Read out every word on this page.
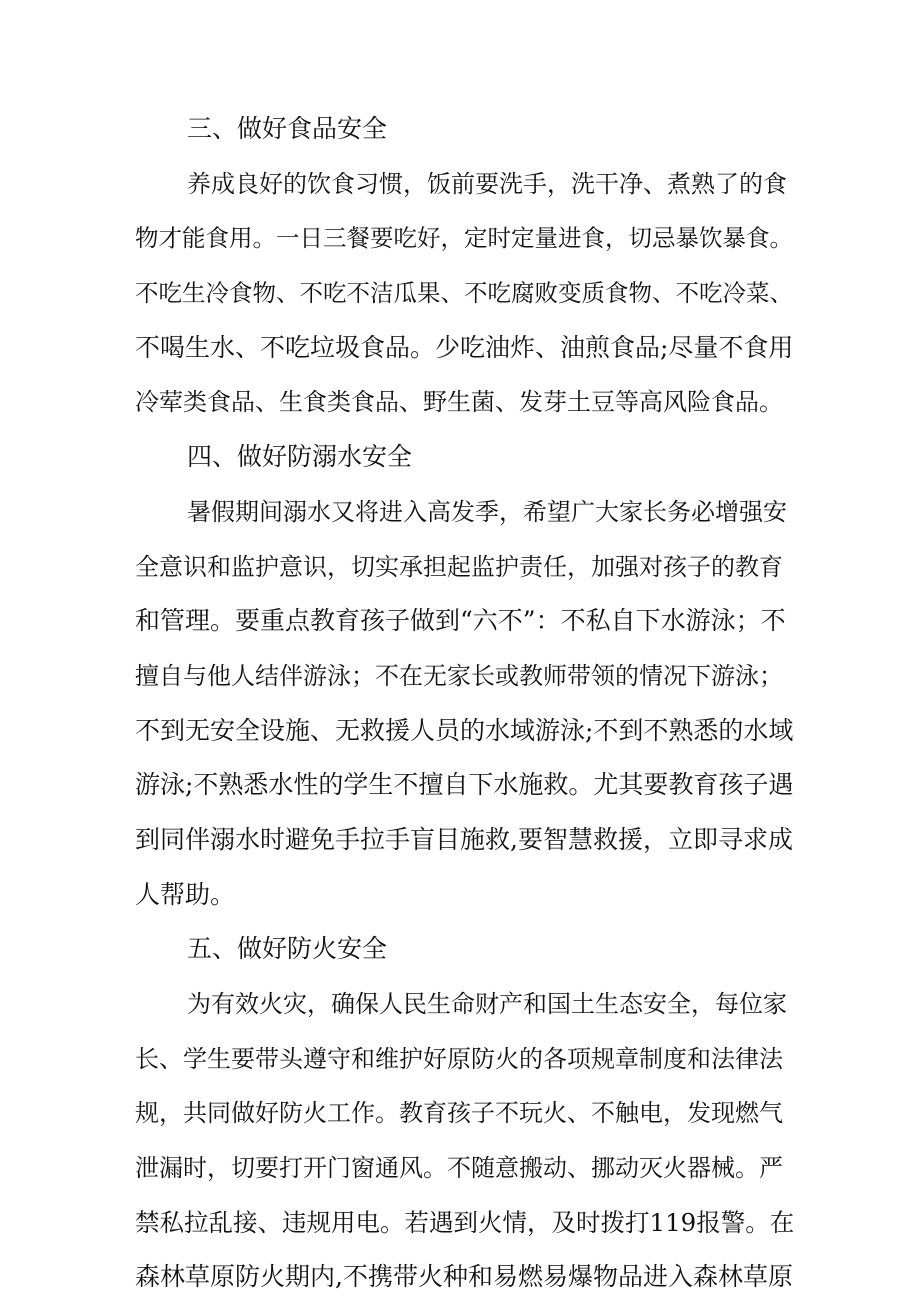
三、做好食品安全
养成良好的饮食习惯，饭前要洗手，洗干净、煮熟了的食
物才能食用。一日三餐要吃好，定时定量进食，切忌暴饮暴食。
不吃生冷食物、不吃不洁瓜果、不吃腐败变质食物、不吃冷菜、
不喝生水、不吃垃圾食品。少吃油炸、油煎食品;尽量不食用
冷荤类食品、生食类食品、野生菌、发芽土豆等高风险食品。
四、做好防溺水安全
暑假期间溺水又将进入高发季，希望广大家长务必增强安
全意识和监护意识，切实承担起监护责任，加强对孩子的教育
和管理。要重点教育孩子做到“六不”：不私自下水游泳；不
擅自与他人结伴游泳；不在无家长或教师带领的情况下游泳；
不到无安全设施、无救援人员的水域游泳;不到不熟悉的水域
游泳;不熟悉水性的学生不擅自下水施救。尤其要教育孩子遇
到同伴溺水时避免手拉手盲目施救,要智慧救援，立即寻求成
人帮助。
五、做好防火安全
为有效火灾，确保人民生命财产和国土生态安全，每位家
长、学生要带头遵守和维护好原防火的各项规章制度和法律法
规，共同做好防火工作。教育孩子不玩火、不触电，发现燃气
泄漏时，切要打开门窗通风。不随意搬动、挪动灭火器械。严
禁私拉乱接、违规用电。若遇到火情，及时拨打119报警。在
森林草原防火期内,不携带火种和易燃易爆物品进入森林草原
